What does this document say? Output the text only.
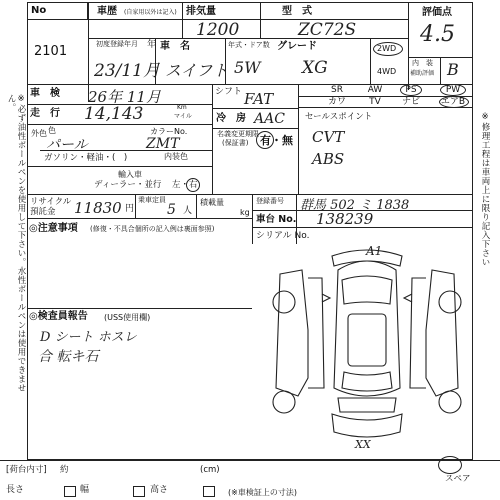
No
2101
車歴 (自家用以外は記入) 排気量
1200
型　式
ZC72S
評価点
4.5
初度登録年月 年
23/11月
車　名
スイフト
年式・ドア数
5W
グレード
XG
2WD
4WD
内　装
補助評価 B
車　検 26年 11月	シフト FAT
走　行 14,143	Km
マイル 冷　房 AAC
SR	AW	PS	PW
カワ	TV	ナビ	エアB
外色 色
パール
カラーNo.
ZMT
ガソリン・軽油・(　)	内装色
輸入車
ディーラー・並行 左・右
名義変更期限
(保証書) 有・無
セールスポイント
CVT
ABS
リサイクル
預託金 11830 円
乗車定員
5 人
積載量
kg
登録番号 群馬 502 ミ 1838
車台 No. 138239
シリアル No.
◎注意事項 (修復・不具合個所の記入例は裏面参照)
◎検査員報告 (USS使用欄)
D シート ホスレ
合 転キ石
※必ず油性ボールペンを使用して下さい。水性ボールペンは使用できません。
※修理工程は車両上に限り記入下さい
A1
XX
[荷台内寸] 約	(cm)
スペア
長さ	幅	高さ	(※車検証上の寸法)
